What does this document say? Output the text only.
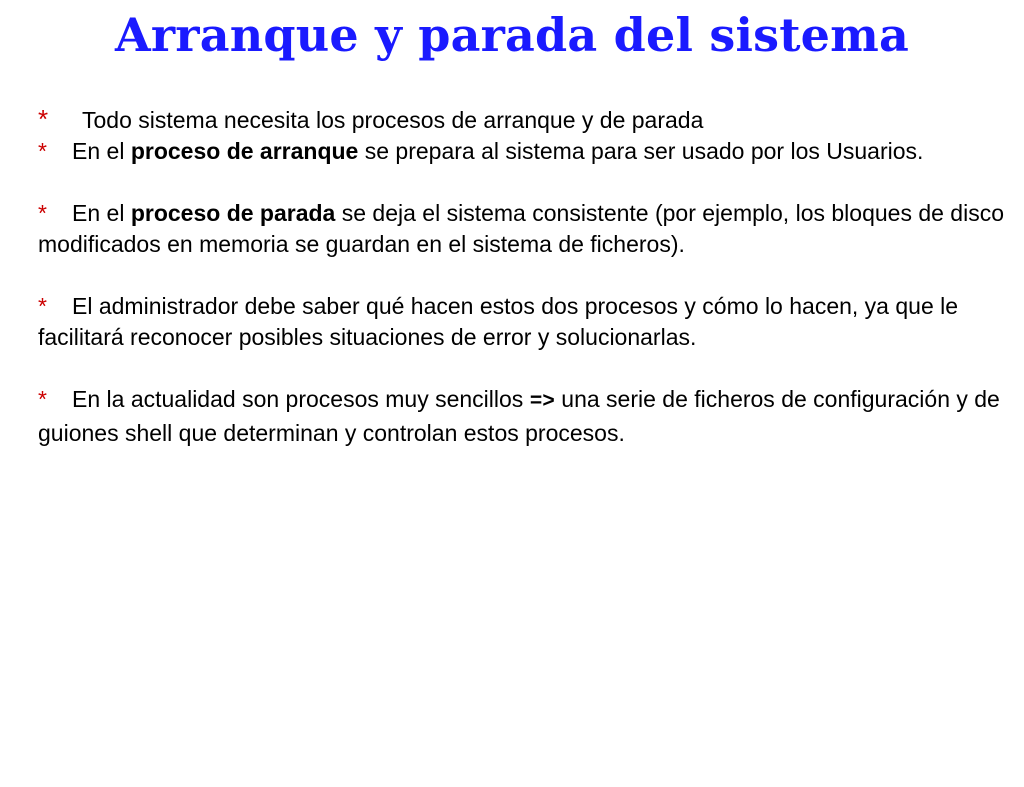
Arranque y parada del sistema

* Todo sistema necesita los procesos de arranque y de parada

* En el proceso de arranque se prepara al sistema para ser usado por los Usuarios.

* En el proceso de parada se deja el sistema consistente (por ejemplo, los bloques de disco modificados en memoria se guardan en el sistema de ficheros).

* El administrador debe saber qué hacen estos dos procesos y cómo lo hacen, ya que le facilitará reconocer posibles situaciones de error y solucionarlas.

* En la actualidad son procesos muy sencillos => una serie de ficheros de configuración y de guiones shell que determinan y controlan estos procesos.
